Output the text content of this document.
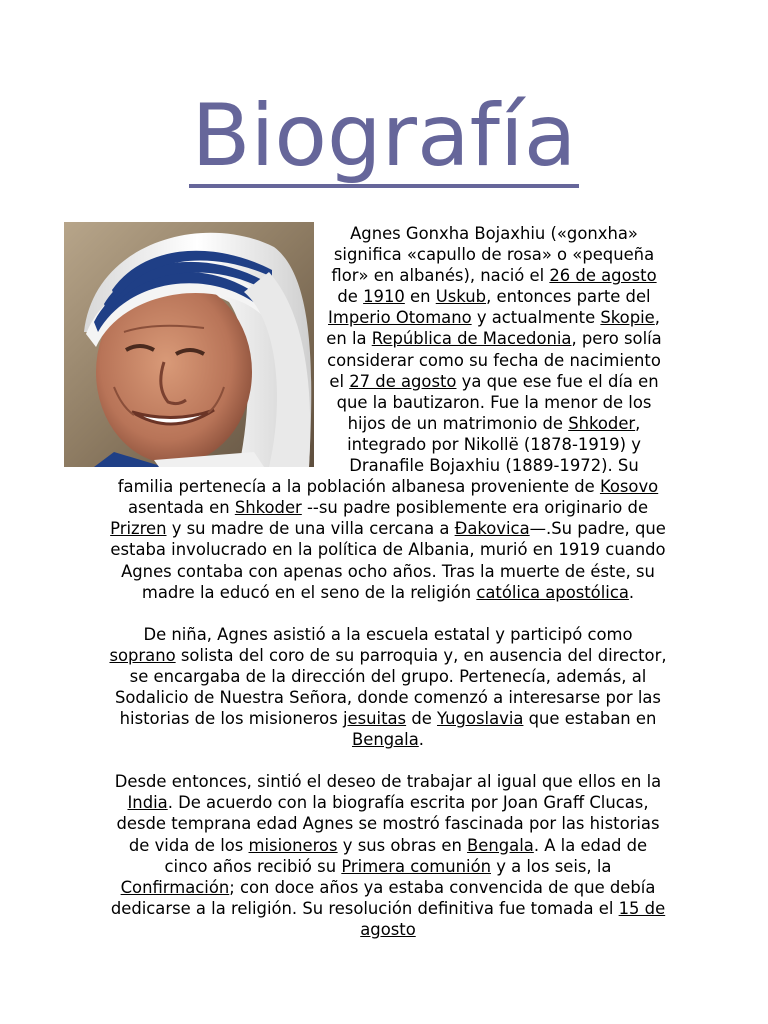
Biografía

Agnes Gonxha Bojaxhiu («gonxha» significa «capullo de rosa» o «pequeña flor» en albanés), nació el 26 de agosto de 1910 en Uskub, entonces parte del Imperio Otomano y actualmente Skopie, en la República de Macedonia, pero solía considerar como su fecha de nacimiento el 27 de agosto ya que ese fue el día en que la bautizaron. Fue la menor de los hijos de un matrimonio de Shkoder, integrado por Nikollë (1878-1919) y Dranafile Bojaxhiu (1889-1972). Su familia pertenecía a la población albanesa proveniente de Kosovo asentada en Shkoder --su padre posiblemente era originario de Prizren y su madre de una villa cercana a Đakovica—.Su padre, que estaba involucrado en la política de Albania, murió en 1919 cuando Agnes contaba con apenas ocho años. Tras la muerte de éste, su madre la educó en el seno de la religión católica apostólica.

De niña, Agnes asistió a la escuela estatal y participó como soprano solista del coro de su parroquia y, en ausencia del director, se encargaba de la dirección del grupo. Pertenecía, además, al Sodalicio de Nuestra Señora, donde comenzó a interesarse por las historias de los misioneros jesuitas de Yugoslavia que estaban en Bengala.

Desde entonces, sintió el deseo de trabajar al igual que ellos en la India. De acuerdo con la biografía escrita por Joan Graff Clucas, desde temprana edad Agnes se mostró fascinada por las historias de vida de los misioneros y sus obras en Bengala. A la edad de cinco años recibió su Primera comunión y a los seis, la Confirmación; con doce años ya estaba convencida de que debía dedicarse a la religión. Su resolución definitiva fue tomada el 15 de agosto
